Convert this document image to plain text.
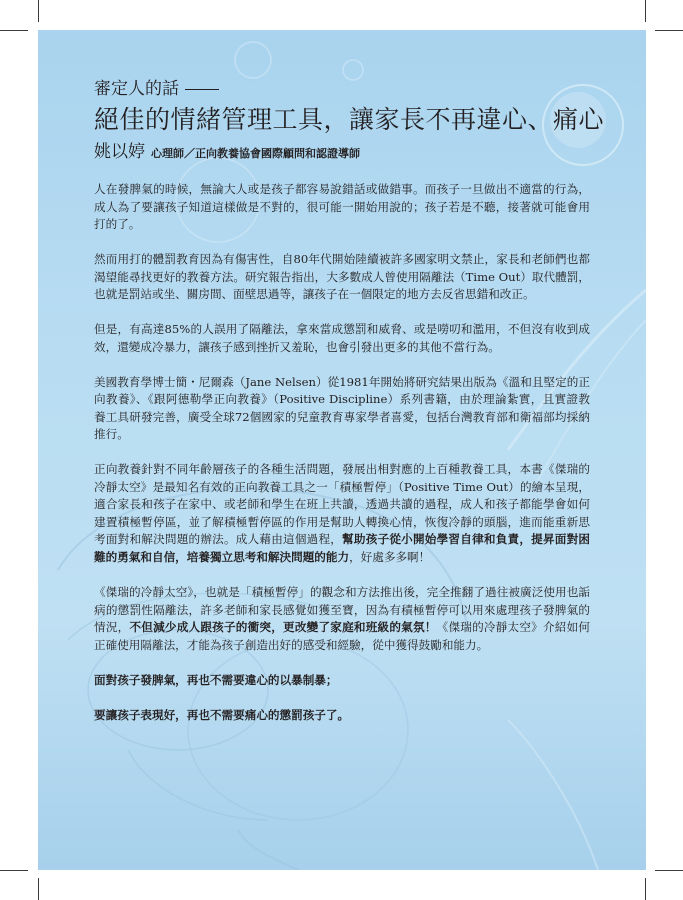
審定人的話
絕佳的情緒管理工具，讓家長不再違心、痛心
姚以婷 心理師／正向教養協會國際顧問和認證導師

人在發脾氣的時候，無論大人或是孩子都容易說錯話或做錯事。而孩子一旦做出不適當的行為，成人為了要讓孩子知道這樣做是不對的，很可能一開始用說的；孩子若是不聽，接著就可能會用打的了。

然而用打的體罰教育因為有傷害性，自80年代開始陸續被許多國家明文禁止，家長和老師們也都渴望能尋找更好的教養方法。研究報告指出，大多數成人曾使用隔離法（Time Out）取代體罰，也就是罰站或坐、關房間、面壁思過等，讓孩子在一個限定的地方去反省思錯和改正。

但是，有高達85%的人誤用了隔離法，拿來當成懲罰和威脅、或是嘮叨和濫用，不但沒有收到成效，還變成冷暴力，讓孩子感到挫折又羞恥，也會引發出更多的其他不當行為。

美國教育學博士簡・尼爾森（Jane Nelsen）從1981年開始將研究結果出版為《溫和且堅定的正向教養》、《跟阿德勒學正向教養》（Positive Discipline）系列書籍，由於理論紮實，且實證教養工具研發完善，廣受全球72個國家的兒童教育專家學者喜愛，包括台灣教育部和衛福部均採納推行。

正向教養針對不同年齡層孩子的各種生活問題，發展出相對應的上百種教養工具，本書《傑瑞的冷靜太空》是最知名有效的正向教養工具之一「積極暫停」（Positive Time Out）的繪本呈現，適合家長和孩子在家中、或老師和學生在班上共讀，透過共讀的過程，成人和孩子都能學會如何建置積極暫停區，並了解積極暫停區的作用是幫助人轉換心情，恢復冷靜的頭腦，進而能重新思考面對和解決問題的辦法。成人藉由這個過程，幫助孩子從小開始學習自律和負責，提昇面對困難的勇氣和自信，培養獨立思考和解決問題的能力，好處多多啊！

《傑瑞的冷靜太空》，也就是「積極暫停」的觀念和方法推出後，完全推翻了過往被廣泛使用也詬病的懲罰性隔離法，許多老師和家長感覺如獲至寶，因為有積極暫停可以用來處理孩子發脾氣的情況，不但減少成人跟孩子的衝突，更改變了家庭和班級的氣氛！《傑瑞的冷靜太空》介紹如何正確使用隔離法，才能為孩子創造出好的感受和經驗，從中獲得鼓勵和能力。

面對孩子發脾氣，再也不需要違心的以暴制暴；

要讓孩子表現好，再也不需要痛心的懲罰孩子了。
